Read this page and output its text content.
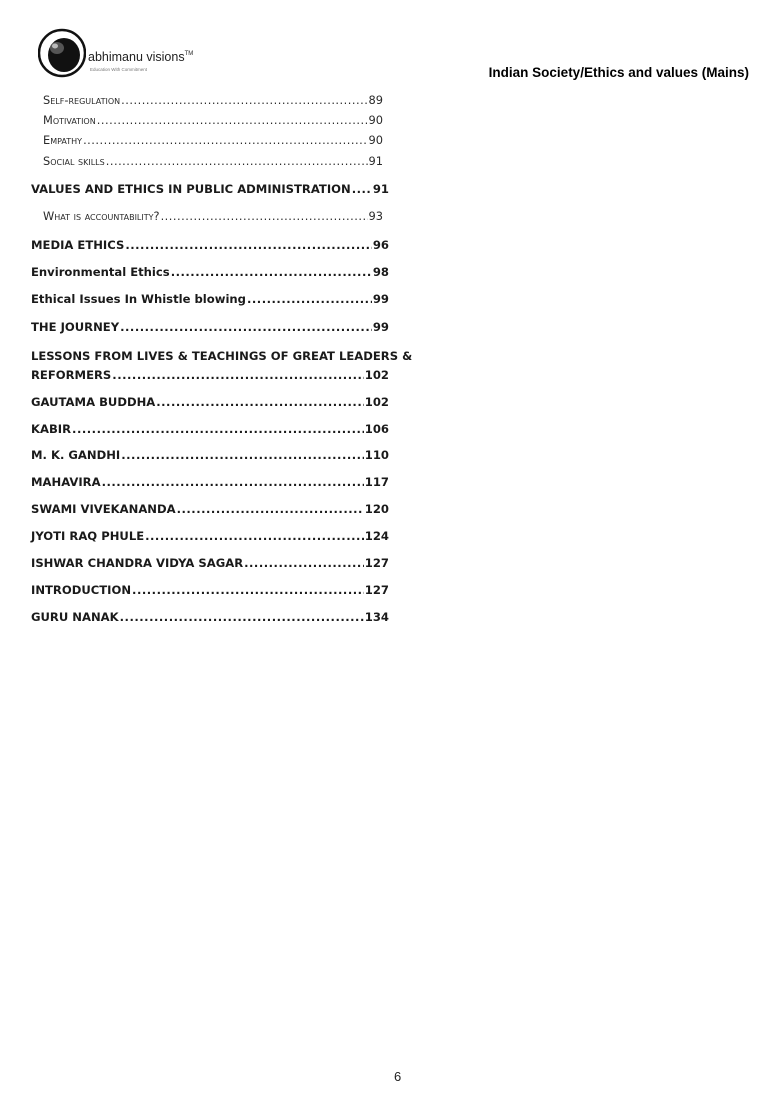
abhimanu visions™
Education With Commitment	Indian Society/Ethics and values (Mains)
Self-regulation .....	89
Motivation .....	90
Empathy .....	90
Social skills .....	91
VALUES AND ETHICS IN PUBLIC ADMINISTRATION ..... 91
What is accountability? .....	93
MEDIA ETHICS .....	96
Environmental Ethics .....	98
Ethical Issues In Whistle blowing .....	99
THE JOURNEY .....	99
LESSONS FROM LIVES & TEACHINGS OF GREAT LEADERS &
REFORMERS .....	102
GAUTAMA BUDDHA .....	102
KABIR .....	106
M. K. GANDHI .....	110
MAHAVIRA .....	117
SWAMI VIVEKANANDA .....	120
JYOTI RAQ PHULE .....	124
ISHWAR CHANDRA VIDYA SAGAR .....	127
INTRODUCTION .....	127
GURU NANAK .....	134
6
